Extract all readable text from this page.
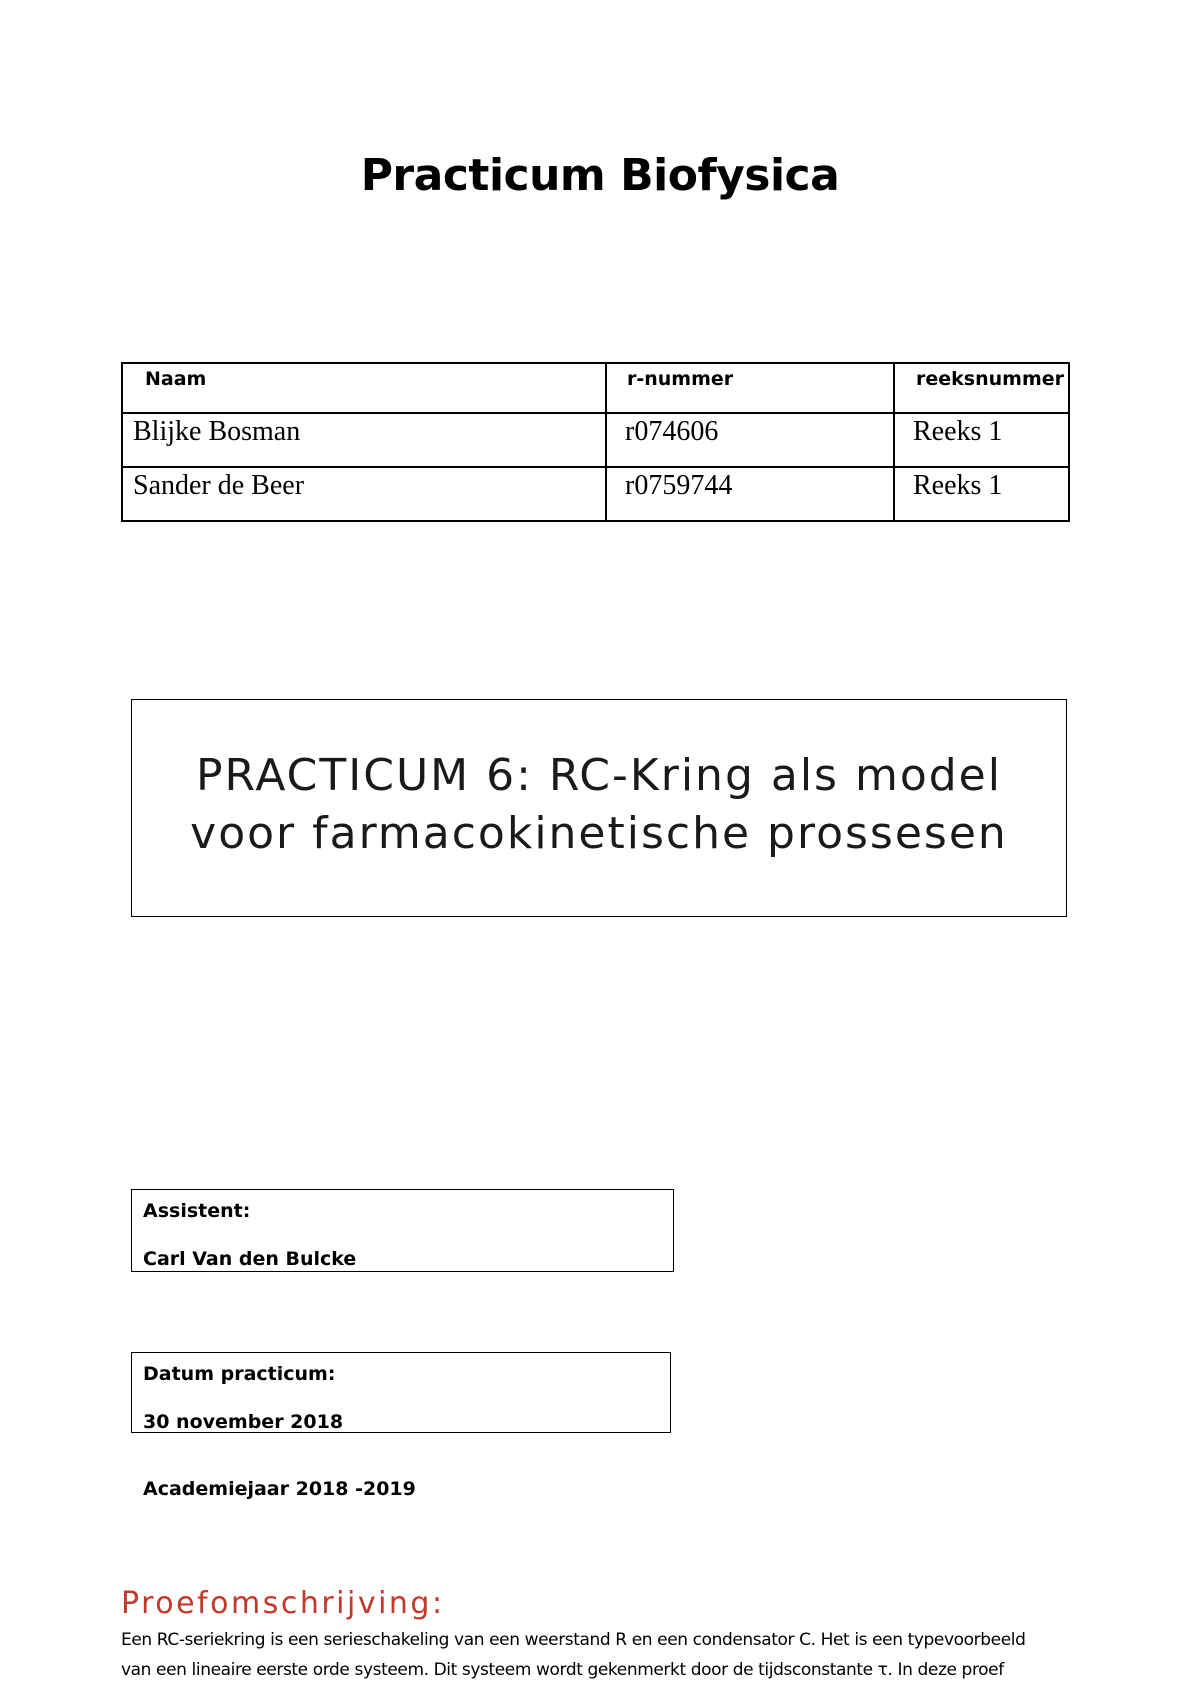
Practicum Biofysica
Naam	r-nummer	reeksnummer
Blijke Bosman	r074606	Reeks 1
Sander de Beer	r0759744	Reeks 1
PRACTICUM 6: RC-Kring als model
voor farmacokinetische prossesen
Assistent:
Carl Van den Bulcke
Datum practicum:
30 november 2018
Academiejaar 2018 -2019
Proefomschrijving:
Een RC-seriekring is een serieschakeling van een weerstand R en een condensator C. Het is een typevoorbeeld
van een lineaire eerste orde systeem. Dit systeem wordt gekenmerkt door de tijdsconstante τ. In deze proef
